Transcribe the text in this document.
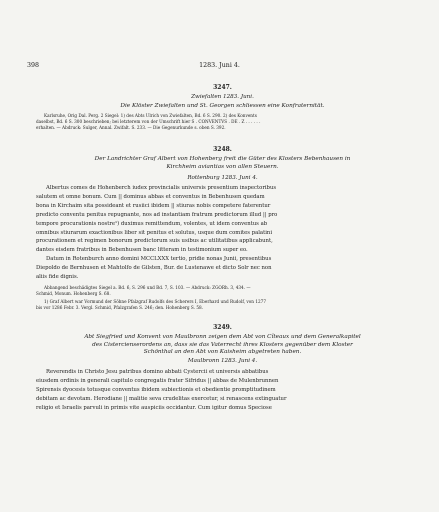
398	1283. Juni 4.
3247.
Zwiefalten 1283. Juni.
Die Klöster Zwiefalten und St. Georgen schliessen eine Konfraternität.
Karlsruhe, Orig Dal. Perg. 2 Siegel: 1) des Abts Ulrich von Zwiefalten, Bd. 6 S. 290. 2) des Konvents
daselbst, Bd. 6 S. 300 beschrieben; bei letzterem von der Umschrift hier S . CONVENTVS . DE . Z . . . . . .
erhalten. — Abdruck: Sulger, Annal. Zwifalt. S. 233. — Die Gegenurkunde s. oben S. 392.
3248.
Der Landrichter Graf Albert von Hohenberg freit die Güter des Klosters Bebenhausen in
Kirchheim aviantias von allen Steuern.
Rottenburg 1283. Juni 4.
Albertus comes de Hohenberch iudex provincialis universis presentium inspectoribus
salutem et omne bonum. Cum || dominus abbas et conventus in Bebenhusen quedam
bona in Kirchaim sita possideant et rusiici ibidem || stiuras nobis competere faterentur
predicto conventu penitus repugnante, nos ad instantiam fratrum predictorum illud || pro
tempore procurationis nostre¹) duximus remittendum, volentes, ut idem conventus ab
omnibus stiurarum exactionibus liber sit penitus et solutus, usque dum comites palatini
procurationem et regimen bonorum predictorum suis usibus ac utilitatibus applicabunt,
dantes eisdem fratribus in Bebenhusen banc litteram in testimonium super eo.
Datum in Rotenburch anno domini MCCLXXX tertio, pridie nonas Junii, presentibus
Diepoldo de Bernhusen et Mahtolfo de Gilsten, Bur. de Lustenawe et dicto Solr nec non
aliis fide dignis.
Abbangend beschädigtes Siegel a. Bd. 6, S. 296 und Bd. 7, S. 103. — Abdruck: ZGORh. 3, 434. —
Schmid, Monum. Hohenberg S. 68.
1) Graf Albert war Vormund der Söhne Pfalzgraf Rudolfs des Scherers I, Eberhard und Rudolf, von 1277
bis vor 1286 Febr. 3. Vergl. Schmid, Pfalzgrafen S. 246; den. Hohenberg S. 58.
3249.
Abt Siegfried und Konvent von Maulbronn zeigen dem Abt von Cîteaux und dem Generalkapitel
des Cistercienserordens an, dass sie das Vaterrecht ihres Klosters gegenüber dem Kloster
Schönthal an den Abt von Kaisheim abgetreten haben.
Maulbronn 1283. Juni 4.
Reverendis in Christo Jesu patribus domino abbati Cystercii et universis abbatibus
eiusdem ordinis in generali capitulo congregatis frater Sifridus || abbas de Mulenbrunnen
Spirensis dyocesis totusque conventus ibidem subiectionis et obedientie promptitudinem
debitam ac devotam. Herodiane || malitie seva crudelitas exercetur, si renascens extinguatur
religio et Israelis parvuli in primis vite auspiciis occidantur. Cum igitur domus Speciose
